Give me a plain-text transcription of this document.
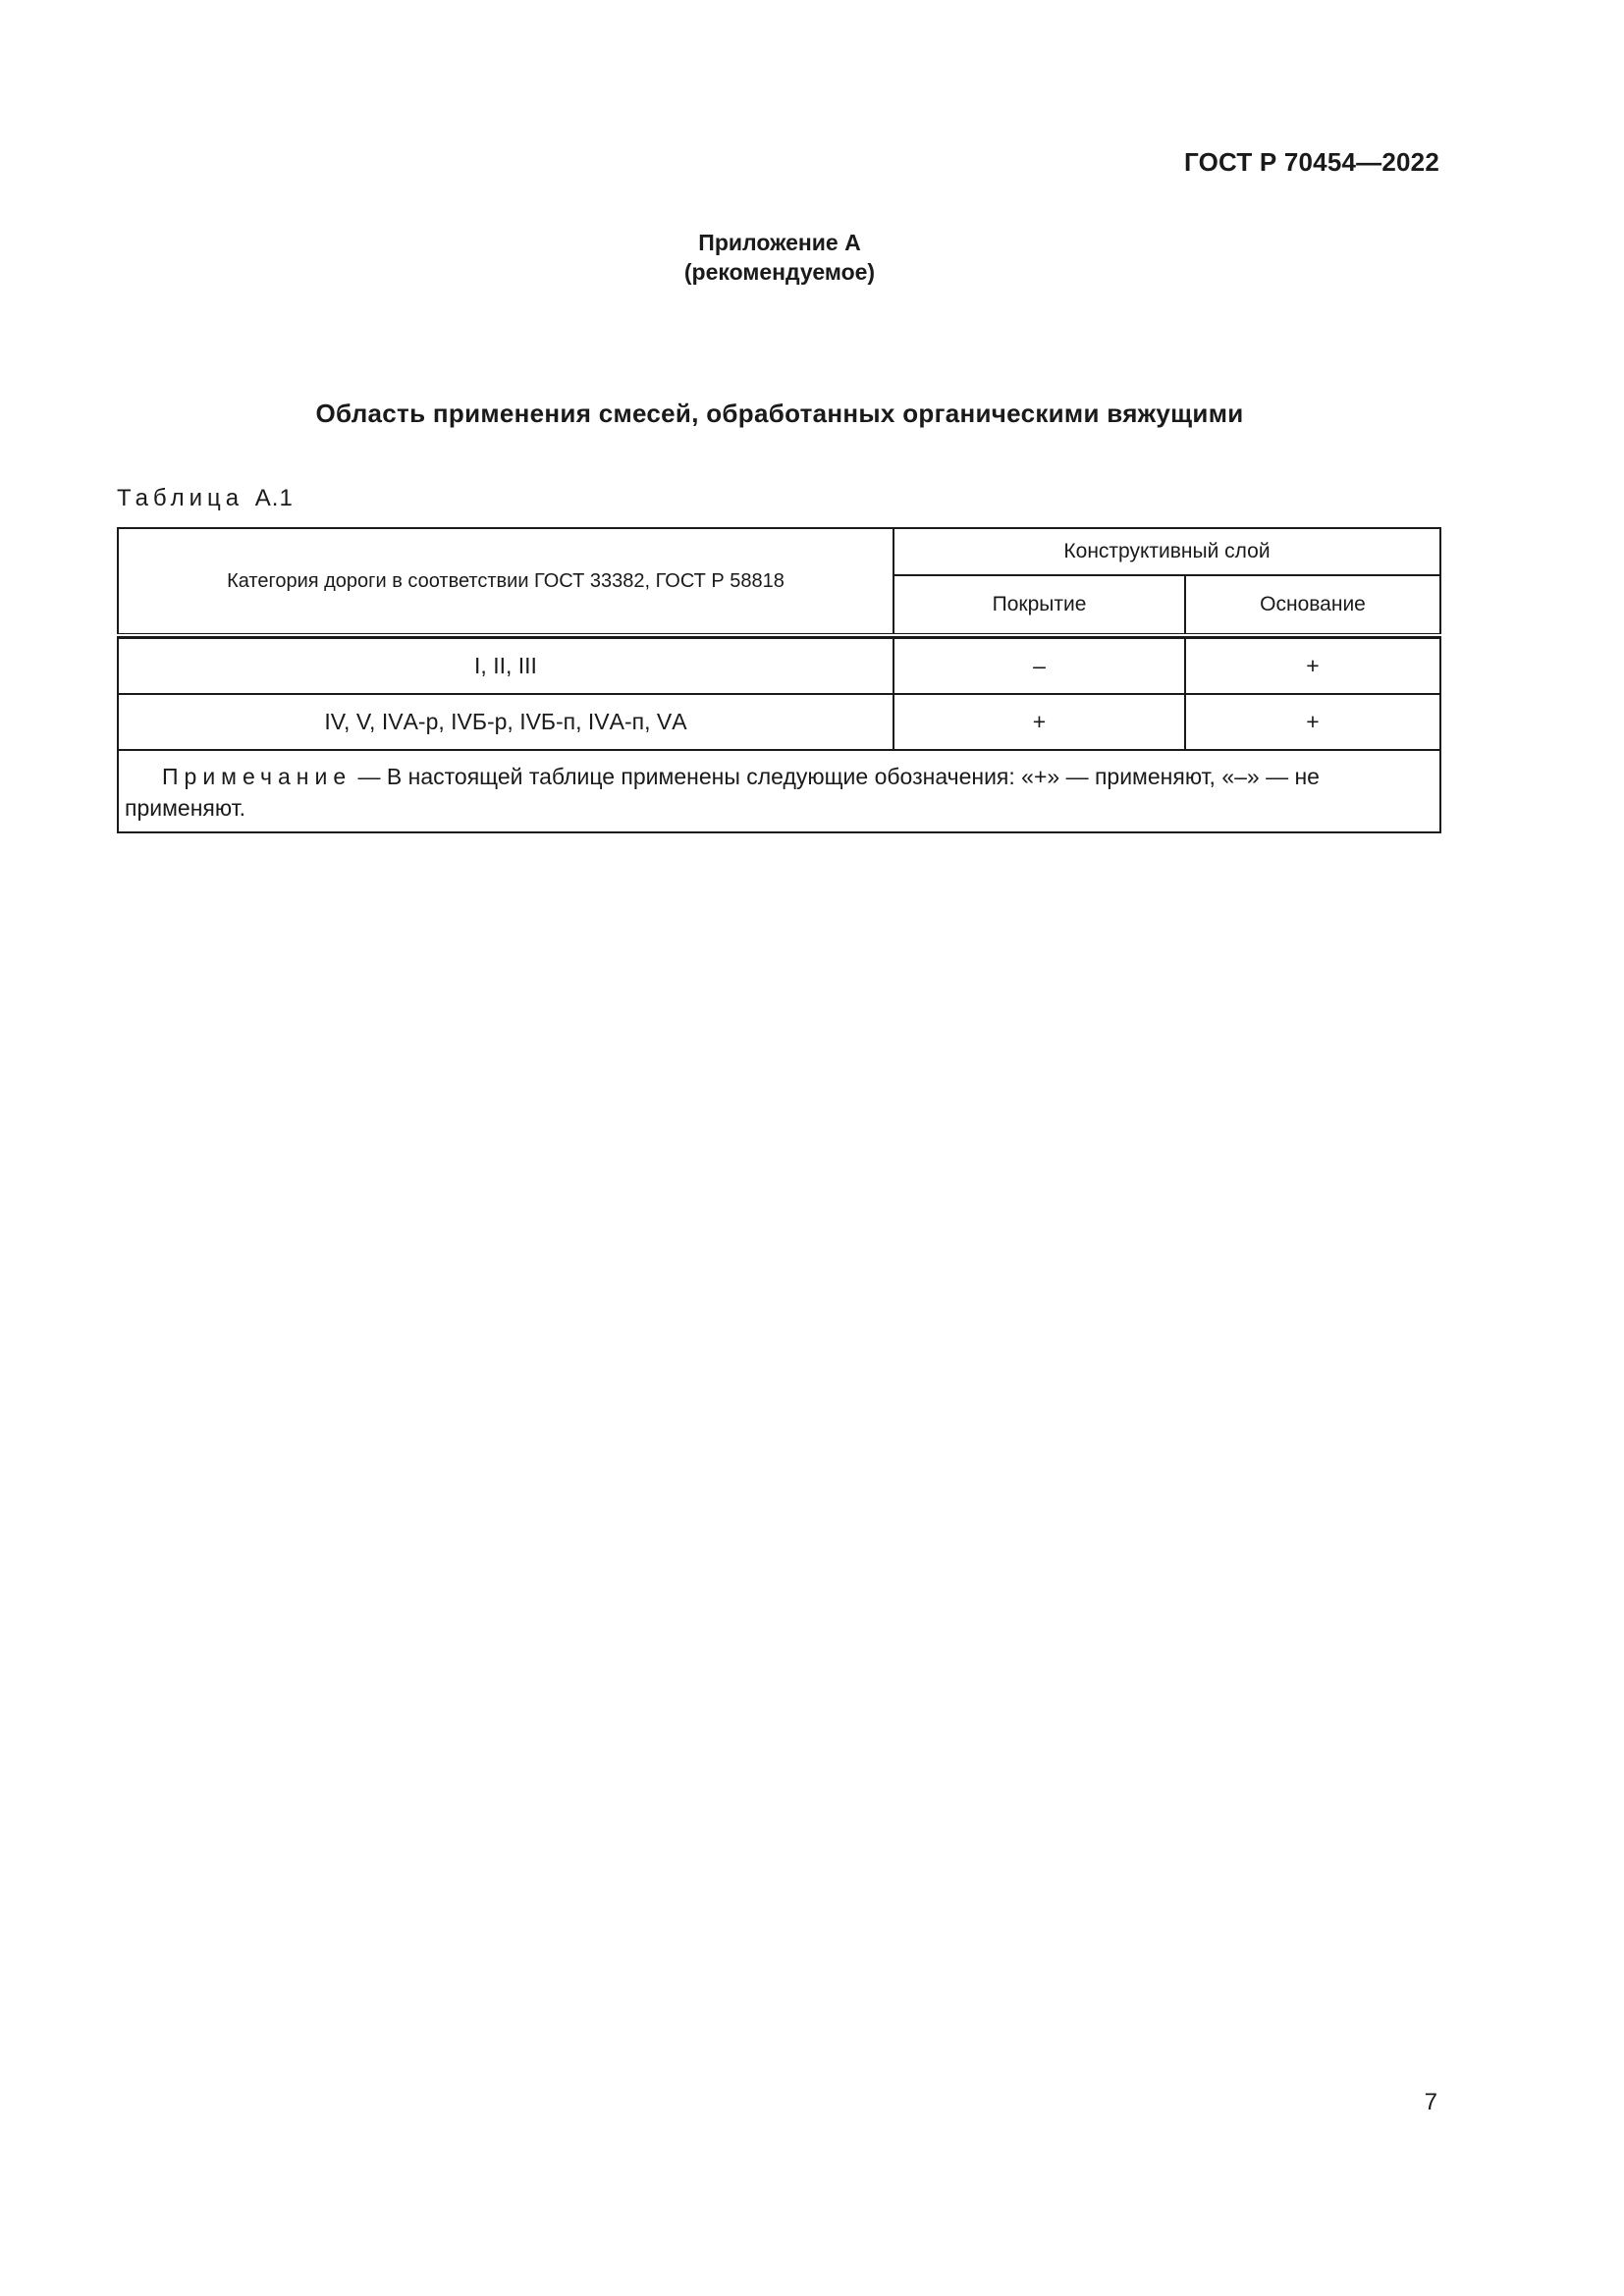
ГОСТ Р 70454—2022
Приложение А
(рекомендуемое)
Область применения смесей, обработанных органическими вяжущими
Таблица А.1
Категория дороги в соответствии ГОСТ 33382, ГОСТ Р 58818	Конструктивный слой	
	Покрытие	Основание

I, II, III	–	+
IV, V, IVА-р, IVБ-р, IVБ-п, IVА-п, VА	+	+
Примечание — В настоящей таблице применены следующие обозначения: «+» — применяют, «–» — не применяют.		
7
